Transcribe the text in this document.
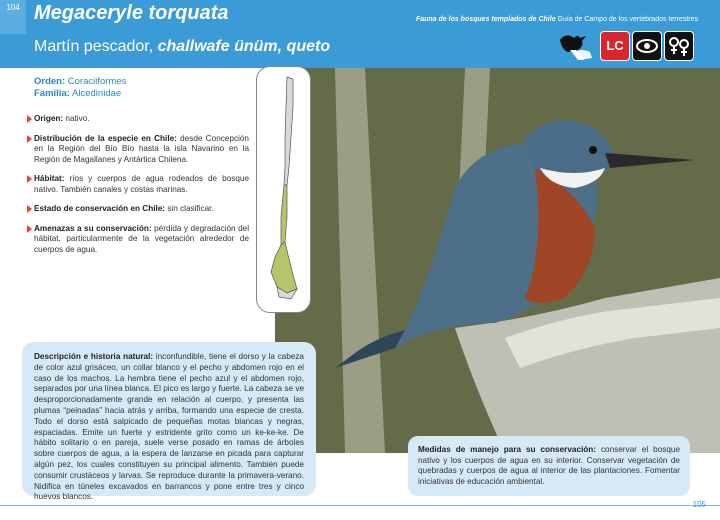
104 Megaceryle torquata
Martín pescador, challwafe ünüm, queto
Fauna de los bosques templados de Chile Guía de Campo de los vertebrados terrestres
LC
Orden: Coraciiformes
Familia: Alcedinidae
Origen: nativo.
Distribución de la especie en Chile: desde Concepción en la Región del Bío Bío hasta la isla Navarino en la Región de Magallanes y Antártica Chilena.
Hábitat: ríos y cuerpos de agua rodeados de bosque nativo. También canales y costas marinas.
Estado de conservación en Chile: sin clasificar.
Amenazas a su conservación: pérdida y degradación del hábitat, particularmente de la vegetación alrededor de cuerpos de agua.
Descripción e historia natural: inconfundible, tiene el dorso y la cabeza de color azul grisáceo, un collar blanco y el pecho y abdomen rojo en el caso de los machos. La hembra tiene el pecho azul y el abdomen rojo, separados por una línea blanca. El pico es largo y fuerte. La cabeza se ve desproporcionadamente grande en relación al cuerpo, y presenta las plumas “peinadas” hacia atrás y arriba, formando una especie de cresta. Todo el dorso está salpicado de pequeñas motas blancas y negras, espaciadas. Emite un fuerte y estridente grito como un ke-ke-ke. De hábito solitario o en pareja, suele verse posado en ramas de árboles sobre cuerpos de agua, a la espera de lanzarse en picada para capturar algún pez, los cuales constituyen su principal alimento. También puede consumir crustáceos y larvas. Se reproduce durante la primavera-verano. Nidifica en túneles excavados en barrancos y pone entre tres y cinco huevos blancos.
Medidas de manejo para su conservación: conservar el bosque nativo y los cuerpos de agua en su interior. Conservar vegetación de quebradas y cuerpos de agua al interior de las plantaciones. Fomentar iniciativas de educación ambiental.
105
